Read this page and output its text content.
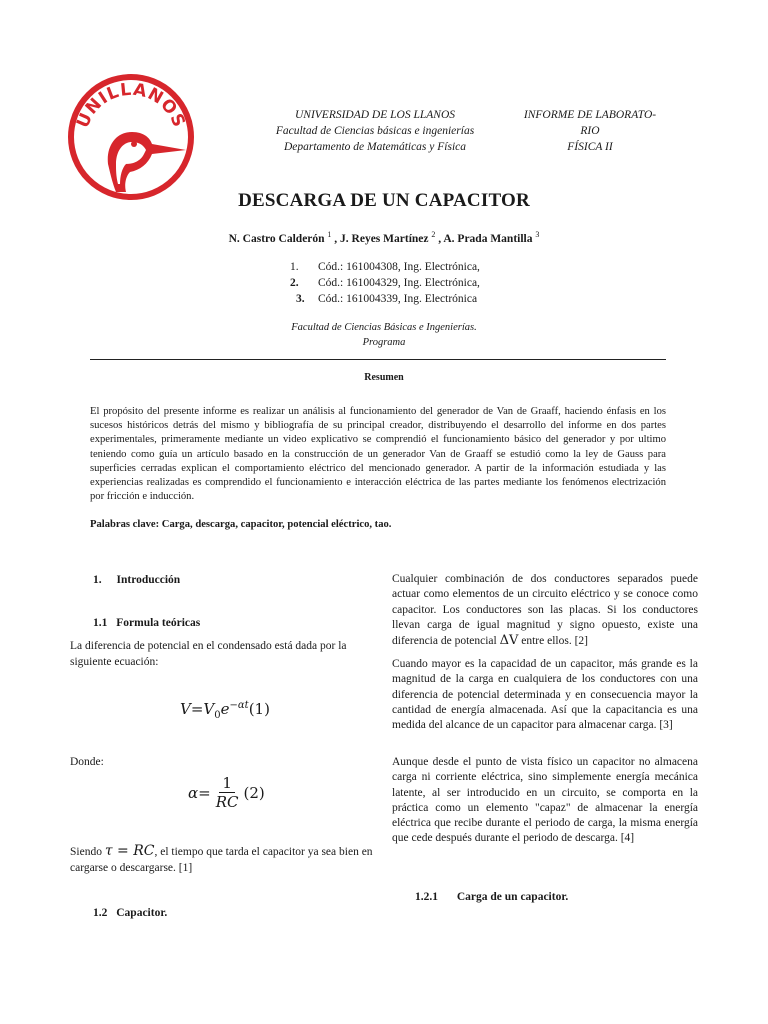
UNILLANOS	UNIVERSIDAD DE LOS LLANOS
Facultad de Ciencias básicas e ingenierías
Departamento de Matemáticas y Física
INFORME DE LABORATO-
RIO
FÍSICA II
DESCARGA DE UN CAPACITOR
N. Castro Calderón $^1$ , J. Reyes Martínez $^2$ , A. Prada Mantilla $^3$
1.	Cód.: 161004308, Ing. Electrónica,
2.	Cód.: 161004329, Ing. Electrónica,
3.	Cód.: 161004339, Ing. Electrónica
Facultad de Ciencias Básicas e Ingenierías.
Programa
Resumen
El propósito del presente informe es realizar un análisis al funcionamiento del generador de Van de Graaff, haciendo énfasis en los sucesos históricos detrás del mismo y bibliografía de su principal creador, distribuyendo el desarrollo del informe en dos partes experimentales, primeramente mediante un video explicativo se comprendió el funcionamiento básico del generador y por ultimo teniendo como guía un artículo basado en la construcción de un generador Van de Graaff se estudió como la ley de Gauss para superficies cerradas explican el comportamiento eléctrico del mencionado generador. A partir de la información estudiada y las experiencias realizadas es comprendido el funcionamiento e interacción eléctrica de las partes mediante los fenómenos electrización por fricción e inducción.
Palabras clave: Carga, descarga, capacitor, potencial eléctrico, tao.
1. Introducción
1.1 Formula teóricas
La diferencia de potencial en el condensado está dada por la siguiente ecuación:
$V=V_0e^{-\alpha t}(1)$
Donde:
$\alpha = \frac{1}{RC} (2)$
Siendo τ = RC, el tiempo que tarda el capacitor ya sea bien en cargarse o descargarse. [1]
1.2 Capacitor.
Cualquier combinación de dos conductores separados puede actuar como elementos de un circuito eléctrico y se conoce como capacitor. Los conductores son las placas. Si los conductores llevan carga de igual magnitud y signo opuesto, existe una diferencia de potencial ΔV entre ellos. [2]
Cuando mayor es la capacidad de un capacitor, más grande es la magnitud de la carga en cualquiera de los conductores con una diferencia de potencial determinada y en consecuencia mayor la cantidad de energía almacenada. Así que la capacitancia es una medida del alcance de un capacitor para almacenar carga. [3]
Aunque desde el punto de vista físico un capacitor no almacena carga ni corriente eléctrica, sino simplemente energía mecánica latente, al ser introducido en un circuito, se comporta en la práctica como un elemento "capaz" de almacenar la energía eléctrica que recibe durante el periodo de carga, la misma energía que cede después durante el periodo de descarga. [4]
1.2.1 Carga de un capacitor.
